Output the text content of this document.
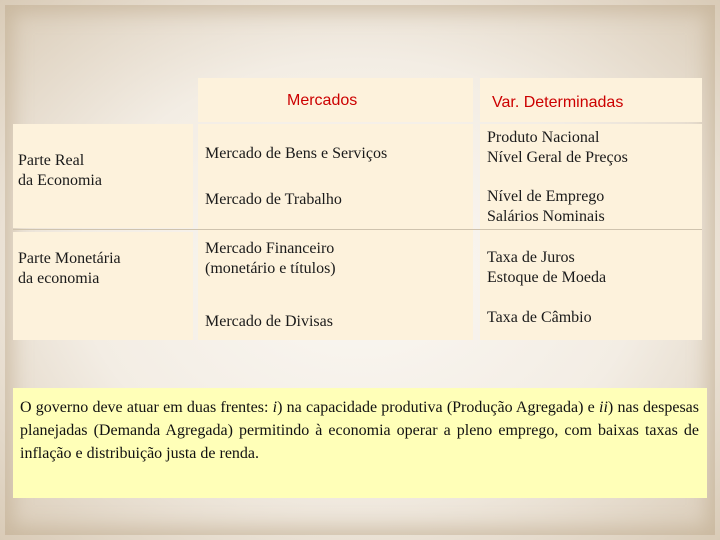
Mercados	Var. Determinadas
Parte Real
da Economia
Parte Monetária
da economia
Mercado de Bens e Serviços
Mercado de Trabalho
Mercado Financeiro
(monetário e títulos)
Mercado de Divisas
Produto Nacional
Nível Geral de Preços
Nível de Emprego
Salários Nominais
Taxa de Juros
Estoque de Moeda
Taxa de Câmbio
O governo deve atuar em duas frentes: i) na capacidade produtiva (Produção Agregada) e ii) nas despesas planejadas (Demanda Agregada) permitindo à economia operar a pleno emprego, com baixas taxas de inflação e distribuição justa de renda.
